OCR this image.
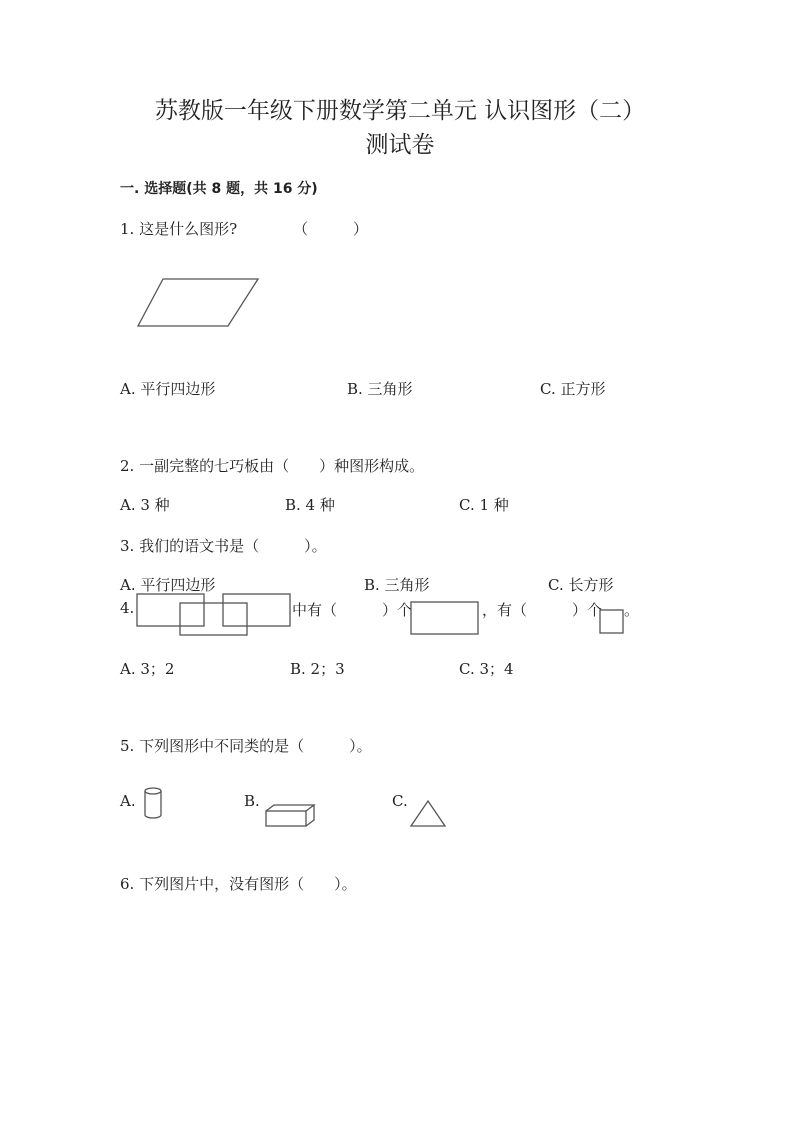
苏教版一年级下册数学第二单元 认识图形（二）
测试卷
一. 选择题(共 8 题，共 16 分)
1. 这是什么图形?	（　　　）
A. 平行四边形	B. 三角形	C. 正方形
2. 一副完整的七巧板由（　　）种图形构成。
A. 3 种	B. 4 种	C. 1 种
3. 我们的语文书是（　　　）。
A. 平行四边形	B. 三角形	C. 长方形
4.	中有（　　　）个	，有（　　　）个 。
A. 3；2	B. 2；3	C. 3；4
5. 下列图形中不同类的是（　　　）。
A.	B.	C.
6. 下列图片中，没有图形（　　）。
